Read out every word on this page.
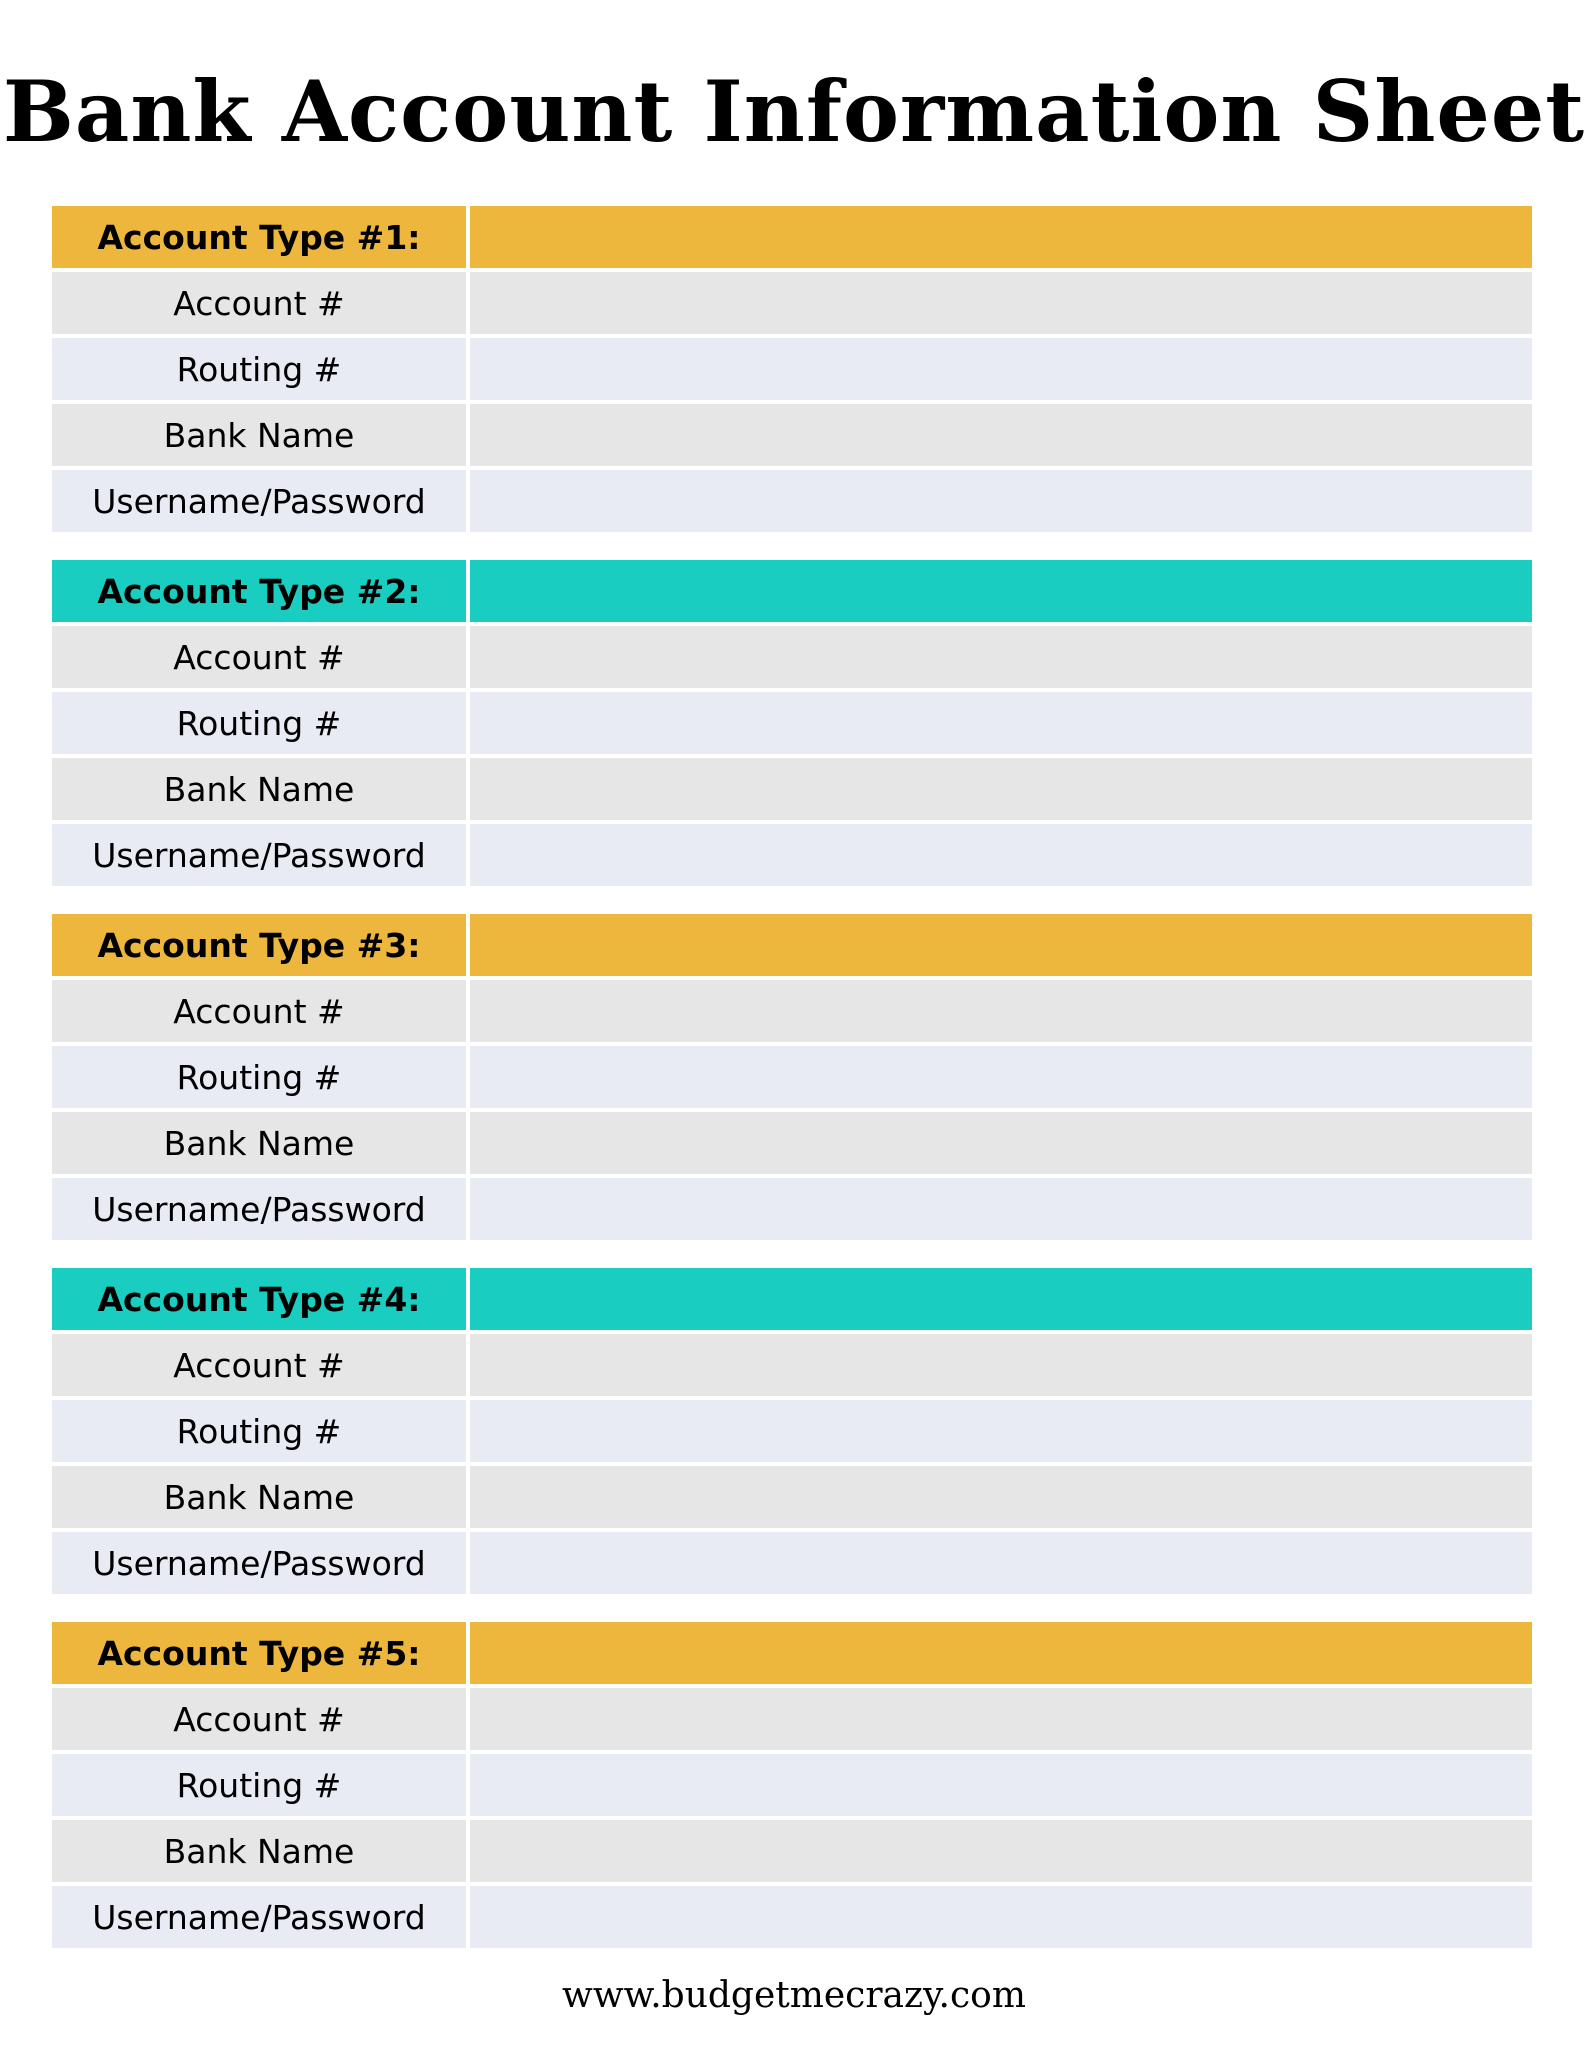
Bank Account Information Sheet
Account Type #1:
Account #
Routing #
Bank Name
Username/Password
Account Type #2:
Account #
Routing #
Bank Name
Username/Password
Account Type #3:
Account #
Routing #
Bank Name
Username/Password
Account Type #4:
Account #
Routing #
Bank Name
Username/Password
Account Type #5:
Account #
Routing #
Bank Name
Username/Password
www.budgetmecrazy.com
